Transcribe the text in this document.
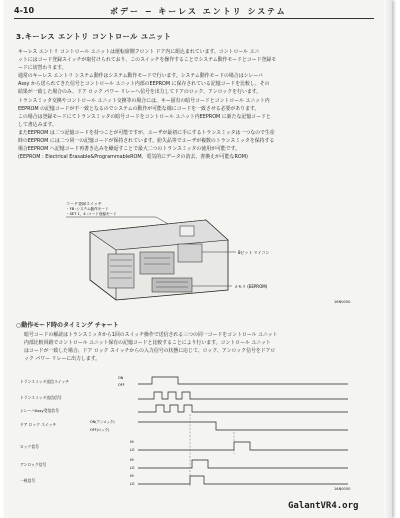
4-10	ボデー − キーレス エントリ システム
3.キーレス エントリ コントロール ユニット

キーレス エントリ コントロール ユニットは運転席側フロント ドア内に組込まれています。コントロール ユニ

ットにはコード登録スイッチが取付けられており、このスイッチを操作することでシステム動作モードとコード登録モ

ードに切替わります。

通常のキーレス エントリ システム動作はシステム動作モードで行います。システム動作モードの場合はシレーバ

Assy から送られてきた信号とコントロール ユニット内部のEEPROM に保存されている記憶コードを比較し、その

結果が一致した場合のみ、ドア ロック パワー リレーへ信号を出力してドアのロック、アンロックを行います。

トランスミッタ交換やコントロール ユニット交換等の場合には、キー固有の暗号コードとコントロール ユニット内

EEPROM の記憶コードが不一致となるのでシステムの動作が可能な様にコードを一致させる必要があります。

この場合は登録モードにてトランスミッタの暗号コードをコントロール ユニット内EEPROM に新たな記憶コードと

して書込みます。

またEEPROM は二つ記憶コードを持つことが可能ですが、ユーザが最初に手にするトランスミッタは一つなので生産

時のEEPROM には二つ同一の記憶コードが保持されています。紛失品等でユーザが複数のトランスミッタを保持する

場合EEPROM へ記憶コード再書き込みを繰返すことで最大二つのトランスミッタの使用が可能です。

(EEPROM : Electrical Erasable&ProgrammableROM、電気的にデータの消去、書換えが可能なROM)

コード登録スイッチ
・FB :システム動作モード
・SET 1、4 :コード登録モード
8ビット マイコン
メモリ (EEPROM)
16N0050
○動作モード時のタイミング チャート

暗号コードの解読はトランスミッタから1回のスイッチ操作で送信される三つの同一コードをコントロール ユニット

内部比較回路でコントロール ユニット保有の記憶コードと比較することにより行います。コントロール ユニット

はコードが一致した場合、ドア ロック スイッチからの入力信号の状態に応じて、ロック、アンロック信号をドアロ

ック パワー リレーに出力します。

トランスミッタ送信スイッチ
トランスミッタ送信信号
シレーバAssy受信信号
ドア ロック スイッチ
ロック信号
アンロック信号
一致信号
ON
OFF
ON(アンロック)
OFF(ロック)
HI
LO
HI
LO
HI
LO
16N0050
GalantVR4.org
